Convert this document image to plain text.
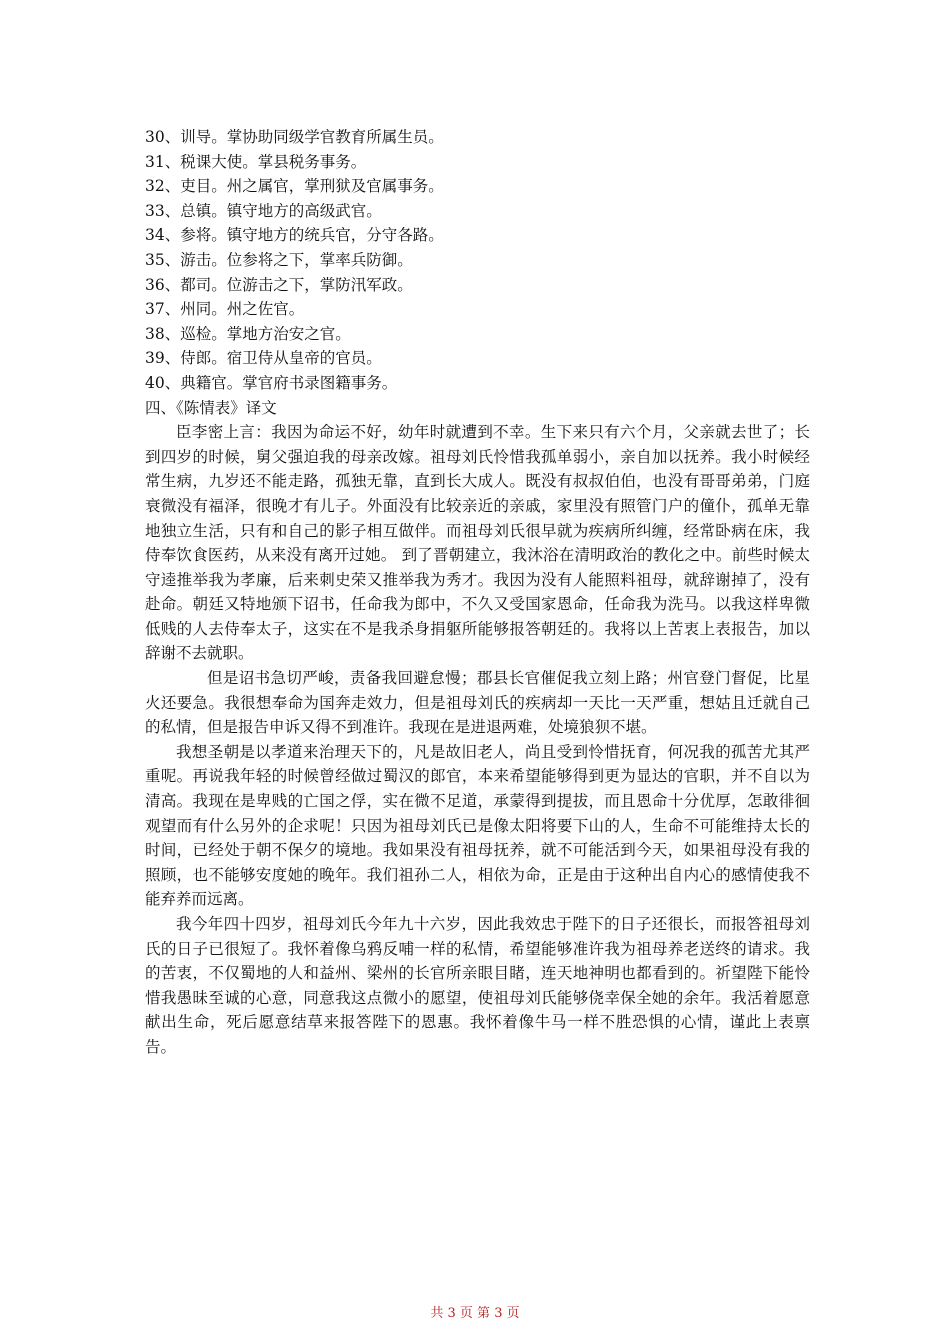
30、训导。掌协助同级学官教育所属生员。

31、税课大使。掌县税务事务。

32、吏目。州之属官，掌刑狱及官属事务。

33、总镇。镇守地方的高级武官。

34、参将。镇守地方的统兵官，分守各路。

35、游击。位参将之下，掌率兵防御。

36、都司。位游击之下，掌防汛军政。

37、州同。州之佐官。

38、巡检。掌地方治安之官。

39、侍郎。宿卫侍从皇帝的官员。

40、典籍官。掌官府书录图籍事务。

四、《陈情表》译文

臣李密上言：我因为命运不好，幼年时就遭到不幸。生下来只有六个月，父亲就去世了；长到四岁的时候，舅父强迫我的母亲改嫁。祖母刘氏怜惜我孤单弱小，亲自加以抚养。我小时候经常生病，九岁还不能走路，孤独无靠，直到长大成人。既没有叔叔伯伯，也没有哥哥弟弟，门庭衰微没有福泽，很晚才有儿子。外面没有比较亲近的亲戚，家里没有照管门户的僮仆，孤单无靠地独立生活，只有和自己的影子相互做伴。而祖母刘氏很早就为疾病所纠缠，经常卧病在床，我侍奉饮食医药，从来没有离开过她。 到了晋朝建立，我沐浴在清明政治的教化之中。前些时候太守逵推举我为孝廉，后来刺史荣又推举我为秀才。我因为没有人能照料祖母，就辞谢掉了，没有赴命。朝廷又特地颁下诏书，任命我为郎中，不久又受国家恩命，任命我为洗马。以我这样卑微低贱的人去侍奉太子，这实在不是我杀身捐躯所能够报答朝廷的。我将以上苦衷上表报告，加以辞谢不去就职。

但是诏书急切严峻，责备我回避怠慢；郡县长官催促我立刻上路；州官登门督促，比星火还要急。我很想奉命为国奔走效力，但是祖母刘氏的疾病却一天比一天严重，想姑且迁就自己的私情，但是报告申诉又得不到准许。我现在是进退两难，处境狼狈不堪。

我想圣朝是以孝道来治理天下的，凡是故旧老人，尚且受到怜惜抚育，何况我的孤苦尤其严重呢。再说我年轻的时候曾经做过蜀汉的郎官，本来希望能够得到更为显达的官职，并不自以为清高。我现在是卑贱的亡国之俘，实在微不足道，承蒙得到提拔，而且恩命十分优厚，怎敢徘徊观望而有什么另外的企求呢！只因为祖母刘氏已是像太阳将要下山的人，生命不可能维持太长的时间，已经处于朝不保夕的境地。我如果没有祖母抚养，就不可能活到今天，如果祖母没有我的照顾，也不能够安度她的晚年。我们祖孙二人，相依为命，正是由于这种出自内心的感情使我不能弃养而远离。

我今年四十四岁，祖母刘氏今年九十六岁，因此我效忠于陛下的日子还很长，而报答祖母刘氏的日子已很短了。我怀着像乌鸦反哺一样的私情，希望能够准许我为祖母养老送终的请求。我的苦衷，不仅蜀地的人和益州、梁州的长官所亲眼目睹，连天地神明也都看到的。祈望陛下能怜惜我愚昧至诚的心意，同意我这点微小的愿望，使祖母刘氏能够侥幸保全她的余年。我活着愿意献出生命，死后愿意结草来报答陛下的恩惠。我怀着像牛马一样不胜恐惧的心情，谨此上表禀告。

共 3 页 第 3 页
